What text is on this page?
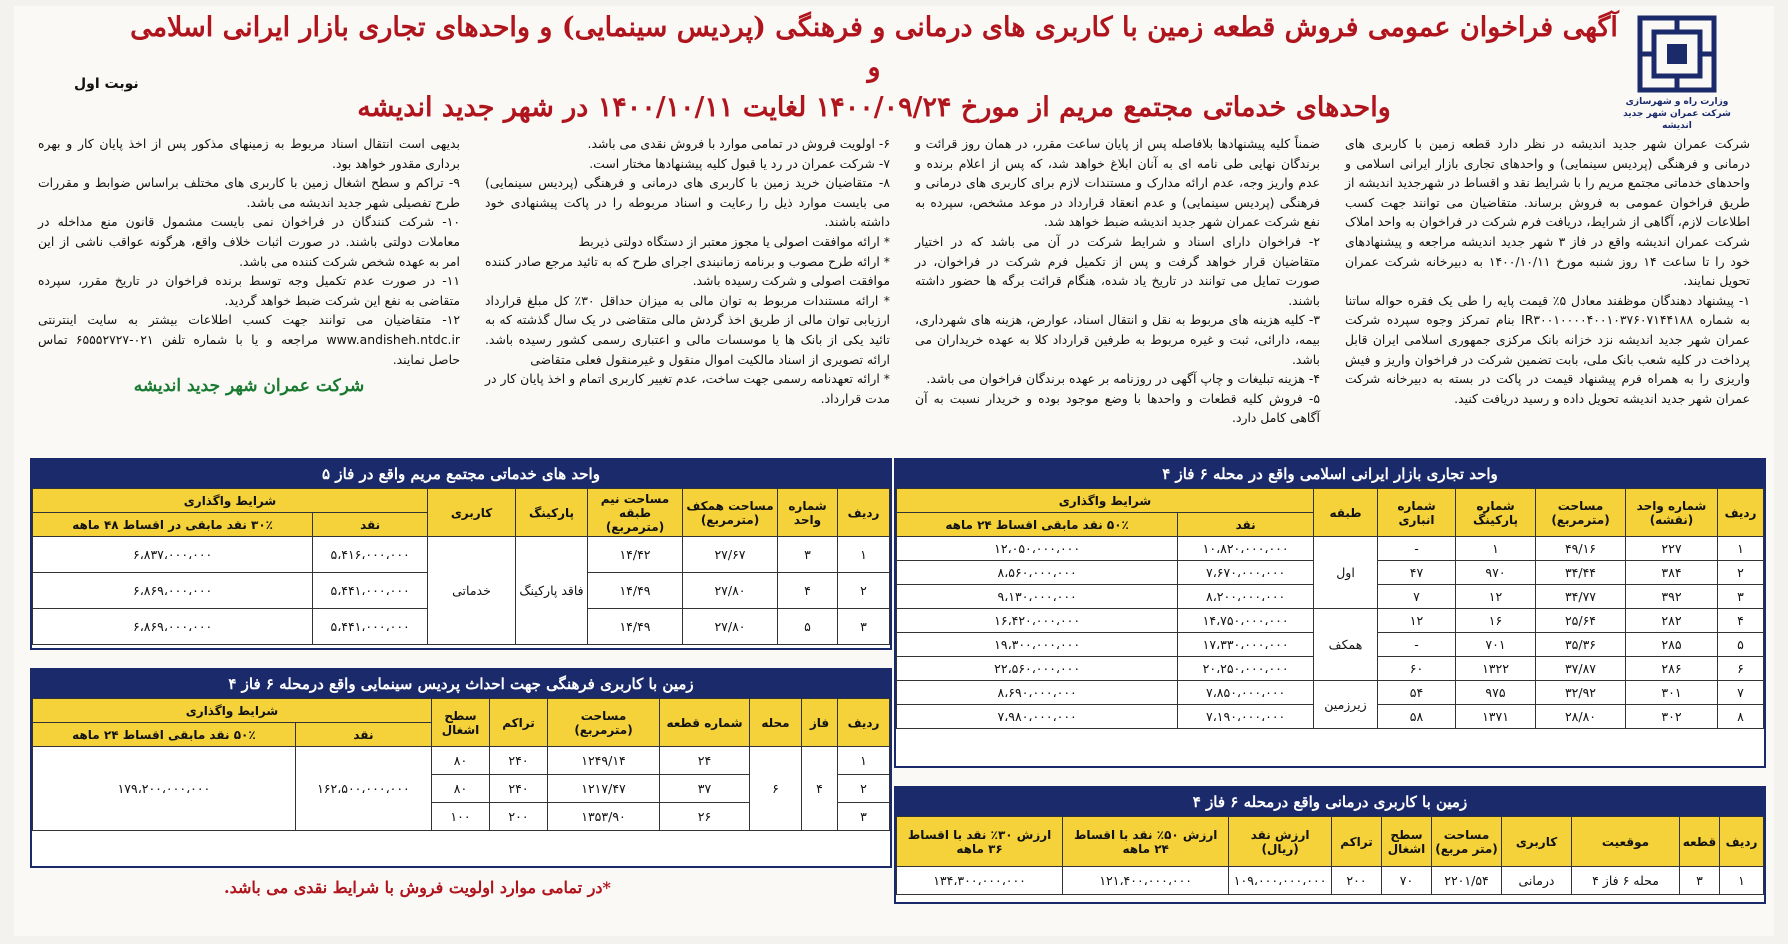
آگهی فراخوان عمومی فروش قطعه زمین با کاربری های درمانی و فرهنگی (پردیس سینمایی) و واحدهای تجاری بازار ایرانی اسلامی و
واحدهای خدماتی مجتمع مریم از مورخ ۱۴۰۰/۰۹/۲۴ لغایت ۱۴۰۰/۱۰/۱۱ در شهر جدید اندیشه
نوبت اول
وزارت راه و شهرسازی
شرکت عمران شهر جدید اندیشه

شرکت عمران شهر جدید اندیشه در نظر دارد قطعه زمین با کاربری های درمانی و فرهنگی (پردیس سینمایی) و واحدهای تجاری بازار ایرانی اسلامی و واحدهای خدماتی مجتمع مریم را با شرایط نقد و اقساط در شهرجدید اندیشه از طریق فراخوان عمومی به فروش برساند. متقاضیان می توانند جهت کسب اطلاعات لازم، آگاهی از شرایط، دریافت فرم شرکت در فراخوان به واحد املاک شرکت عمران اندیشه واقع در فاز ۳ شهر جدید اندیشه مراجعه و پیشنهادهای خود را تا ساعت ۱۴ روز شنبه مورخ ۱۴۰۰/۱۰/۱۱ به دبیرخانه شرکت عمران تحویل نمایند.

۱- پیشنهاد دهندگان موظفند معادل ۵٪ قیمت پایه را طی یک فقره حواله ساتنا به شماره IR۳۰۰۱۰۰۰۰۴۰۰۱۰۳۷۶۰۷۱۴۴۱۸۸ بنام تمرکز وجوه سپرده شرکت عمران شهر جدید اندیشه نزد خزانه بانک مرکزی جمهوری اسلامی ایران قابل پرداخت در کلیه شعب بانک ملی، بابت تضمین شرکت در فراخوان واریز و فیش واریزی را به همراه فرم پیشنهاد قیمت در پاکت در بسته به دبیرخانه شرکت عمران شهر جدید اندیشه تحویل داده و رسید دریافت کنید.

ضمناً کلیه پیشنهادها بلافاصله پس از پایان ساعت مقرر، در همان روز قرائت و برندگان نهایی طی نامه ای به آنان ابلاغ خواهد شد، که پس از اعلام برنده و عدم واریز وجه، عدم ارائه مدارک و مستندات لازم برای کاربری های درمانی و فرهنگی (پردیس سینمایی) و عدم انعقاد قرارداد در موعد مشخص، سپرده به نفع شرکت عمران شهر جدید اندیشه ضبط خواهد شد.

۲- فراخوان دارای اسناد و شرایط شرکت در آن می باشد که در اختیار متقاضیان قرار خواهد گرفت و پس از تکمیل فرم شرکت در فراخوان، در صورت تمایل می توانند در تاریخ یاد شده، هنگام قرائت برگه ها حضور داشته باشند.

۳- کلیه هزینه های مربوط به نقل و انتقال اسناد، عوارض، هزینه های شهرداری، بیمه، دارائی، ثبت و غیره مربوط به طرفین قرارداد کلا به عهده خریداران می باشد.

۴- هزینه تبلیغات و چاپ آگهی در روزنامه بر عهده برندگان فراخوان می باشد.

۵- فروش کلیه قطعات و واحدها با وضع موجود بوده و خریدار نسبت به آن آگاهی کامل دارد.

۶- اولویت فروش در تمامی موارد با فروش نقدی می باشد.

۷- شرکت عمران در رد یا قبول کلیه پیشنهادها مختار است.

۸- متقاضیان خرید زمین با کاربری های درمانی و فرهنگی (پردیس سینمایی) می بایست موارد ذیل را رعایت و اسناد مربوطه را در پاکت پیشنهادی خود داشته باشند.

* ارائه موافقت اصولی یا مجوز معتبر از دستگاه دولتی ذیربط

* ارائه طرح مصوب و برنامه زمانبندی اجرای طرح که به تائید مرجع صادر کننده موافقت اصولی و شرکت رسیده باشد.

* ارائه مستندات مربوط به توان مالی به میزان حداقل ۳۰٪ کل مبلغ قرارداد ارزیابی توان مالی از طریق اخذ گردش مالی متقاضی در یک سال گذشته که به تائید یکی از بانک ها یا موسسات مالی و اعتباری رسمی کشور رسیده باشد. ارائه تصویری از اسناد مالکیت اموال منقول و غیرمنقول فعلی متقاضی

* ارائه تعهدنامه رسمی جهت ساخت، عدم تغییر کاربری اتمام و اخذ پایان کار در مدت قرارداد.

بدیهی است انتقال اسناد مربوط به زمینهای مذکور پس از اخذ پایان کار و بهره برداری مقدور خواهد بود.

۹- تراکم و سطح اشغال زمین با کاربری های مختلف براساس ضوابط و مقررات طرح تفصیلی شهر جدید اندیشه می باشد.

۱۰- شرکت کنندگان در فراخوان نمی بایست مشمول قانون منع مداخله در معاملات دولتی باشند. در صورت اثبات خلاف واقع، هرگونه عواقب ناشی از این امر به عهده شخص شرکت کننده می باشد.

۱۱- در صورت عدم تکمیل وجه توسط برنده فراخوان در تاریخ مقرر، سپرده متقاضی به نفع این شرکت ضبط خواهد گردید.

۱۲- متقاضیان می توانند جهت کسب اطلاعات بیشتر به سایت اینترنتی www.andisheh.ntdc.ir مراجعه و یا با شماره تلفن ۰۲۱-۶۵۵۵۲۷۲۷ تماس حاصل نمایند.

شرکت عمران شهر جدید اندیشه
واحد تجاری بازار ایرانی اسلامی واقع در محله ۶ فاز ۴
ردیف	شماره واحد (نقشه)	مساحت (مترمربع)	شماره پارکینگ	شماره انباری	طبقه	شرایط واگذاری	
						نقد	۵۰٪ نقد مابقی اقساط ۲۴ ماهه
۱	۲۲۷	۴۹/۱۶	۱	-	اول	۱۰،۸۲۰،۰۰۰،۰۰۰	۱۲،۰۵۰،۰۰۰،۰۰۰
۲	۳۸۴	۳۴/۴۴	۹۷۰	۴۷		۷،۶۷۰،۰۰۰،۰۰۰	۸،۵۶۰،۰۰۰،۰۰۰
۳	۳۹۲	۳۴/۷۷	۱۲	۷		۸،۲۰۰،۰۰۰،۰۰۰	۹،۱۳۰،۰۰۰،۰۰۰
۴	۲۸۲	۲۵/۶۴	۱۶	۱۲	همکف	۱۴،۷۵۰،۰۰۰،۰۰۰	۱۶،۴۲۰،۰۰۰،۰۰۰
۵	۲۸۵	۳۵/۳۶	۷۰۱	-		۱۷،۳۳۰،۰۰۰،۰۰۰	۱۹،۳۰۰،۰۰۰،۰۰۰
۶	۲۸۶	۳۷/۸۷	۱۳۲۲	۶۰		۲۰،۲۵۰،۰۰۰،۰۰۰	۲۲،۵۶۰،۰۰۰،۰۰۰
۷	۳۰۱	۳۲/۹۲	۹۷۵	۵۴	زیرزمین	۷،۸۵۰،۰۰۰،۰۰۰	۸،۶۹۰،۰۰۰،۰۰۰
۸	۳۰۲	۲۸/۸۰	۱۳۷۱	۵۸		۷،۱۹۰،۰۰۰،۰۰۰	۷،۹۸۰،۰۰۰،۰۰۰
واحد های خدماتی مجتمع مریم واقع در فاز ۵
ردیف	شماره واحد	مساحت همکف (مترمربع)	مساحت نیم طبقه (مترمربع)	پارکینگ	کاربری	شرایط واگذاری	
						نقد	۳۰٪ نقد مابقی در اقساط ۴۸ ماهه
۱	۳	۲۷/۶۷	۱۴/۴۲	فاقد پارکینگ	خدماتی	۵،۴۱۶،۰۰۰،۰۰۰	۶،۸۳۷،۰۰۰،۰۰۰
۲	۴	۲۷/۸۰	۱۴/۴۹			۵،۴۴۱،۰۰۰،۰۰۰	۶،۸۶۹،۰۰۰،۰۰۰
۳	۵	۲۷/۸۰	۱۴/۴۹			۵،۴۴۱،۰۰۰،۰۰۰	۶،۸۶۹،۰۰۰،۰۰۰
زمین با کاربری فرهنگی جهت احداث پردیس سینمایی واقع درمحله ۶ فاز ۴
ردیف	فاز	محله	شماره قطعه	مساحت (مترمربع)	تراکم	سطح اشغال	شرایط واگذاری	
							نقد	۵۰٪ نقد مابقی اقساط ۲۴ ماهه
۱	۴	۶	۲۴	۱۲۴۹/۱۴	۲۴۰	۸۰	۱۶۲،۵۰۰،۰۰۰،۰۰۰	۱۷۹،۲۰۰،۰۰۰،۰۰۰
۲			۳۷	۱۲۱۷/۴۷	۲۴۰	۸۰		
۳			۲۶	۱۳۵۳/۹۰	۲۰۰	۱۰۰		
زمین با کاربری درمانی واقع درمحله ۶ فاز ۴
ردیف	قطعه	موقعیت	کاربری	مساحت (متر مربع)	سطح اشغال	تراکم	ارزش نقد (ریال)	ارزش ۵۰٪ نقد با اقساط ۲۴ ماهه	ارزش ۳۰٪ نقد با اقساط ۳۶ ماهه
۱	۳	محله ۶ فاز ۴	درمانی	۲۲۰۱/۵۴	۷۰	۲۰۰	۱۰۹،۰۰۰،۰۰۰،۰۰۰	۱۲۱،۴۰۰،۰۰۰،۰۰۰	۱۳۴،۳۰۰،۰۰۰،۰۰۰
*در تمامی موارد اولویت فروش با شرایط نقدی می باشد.
